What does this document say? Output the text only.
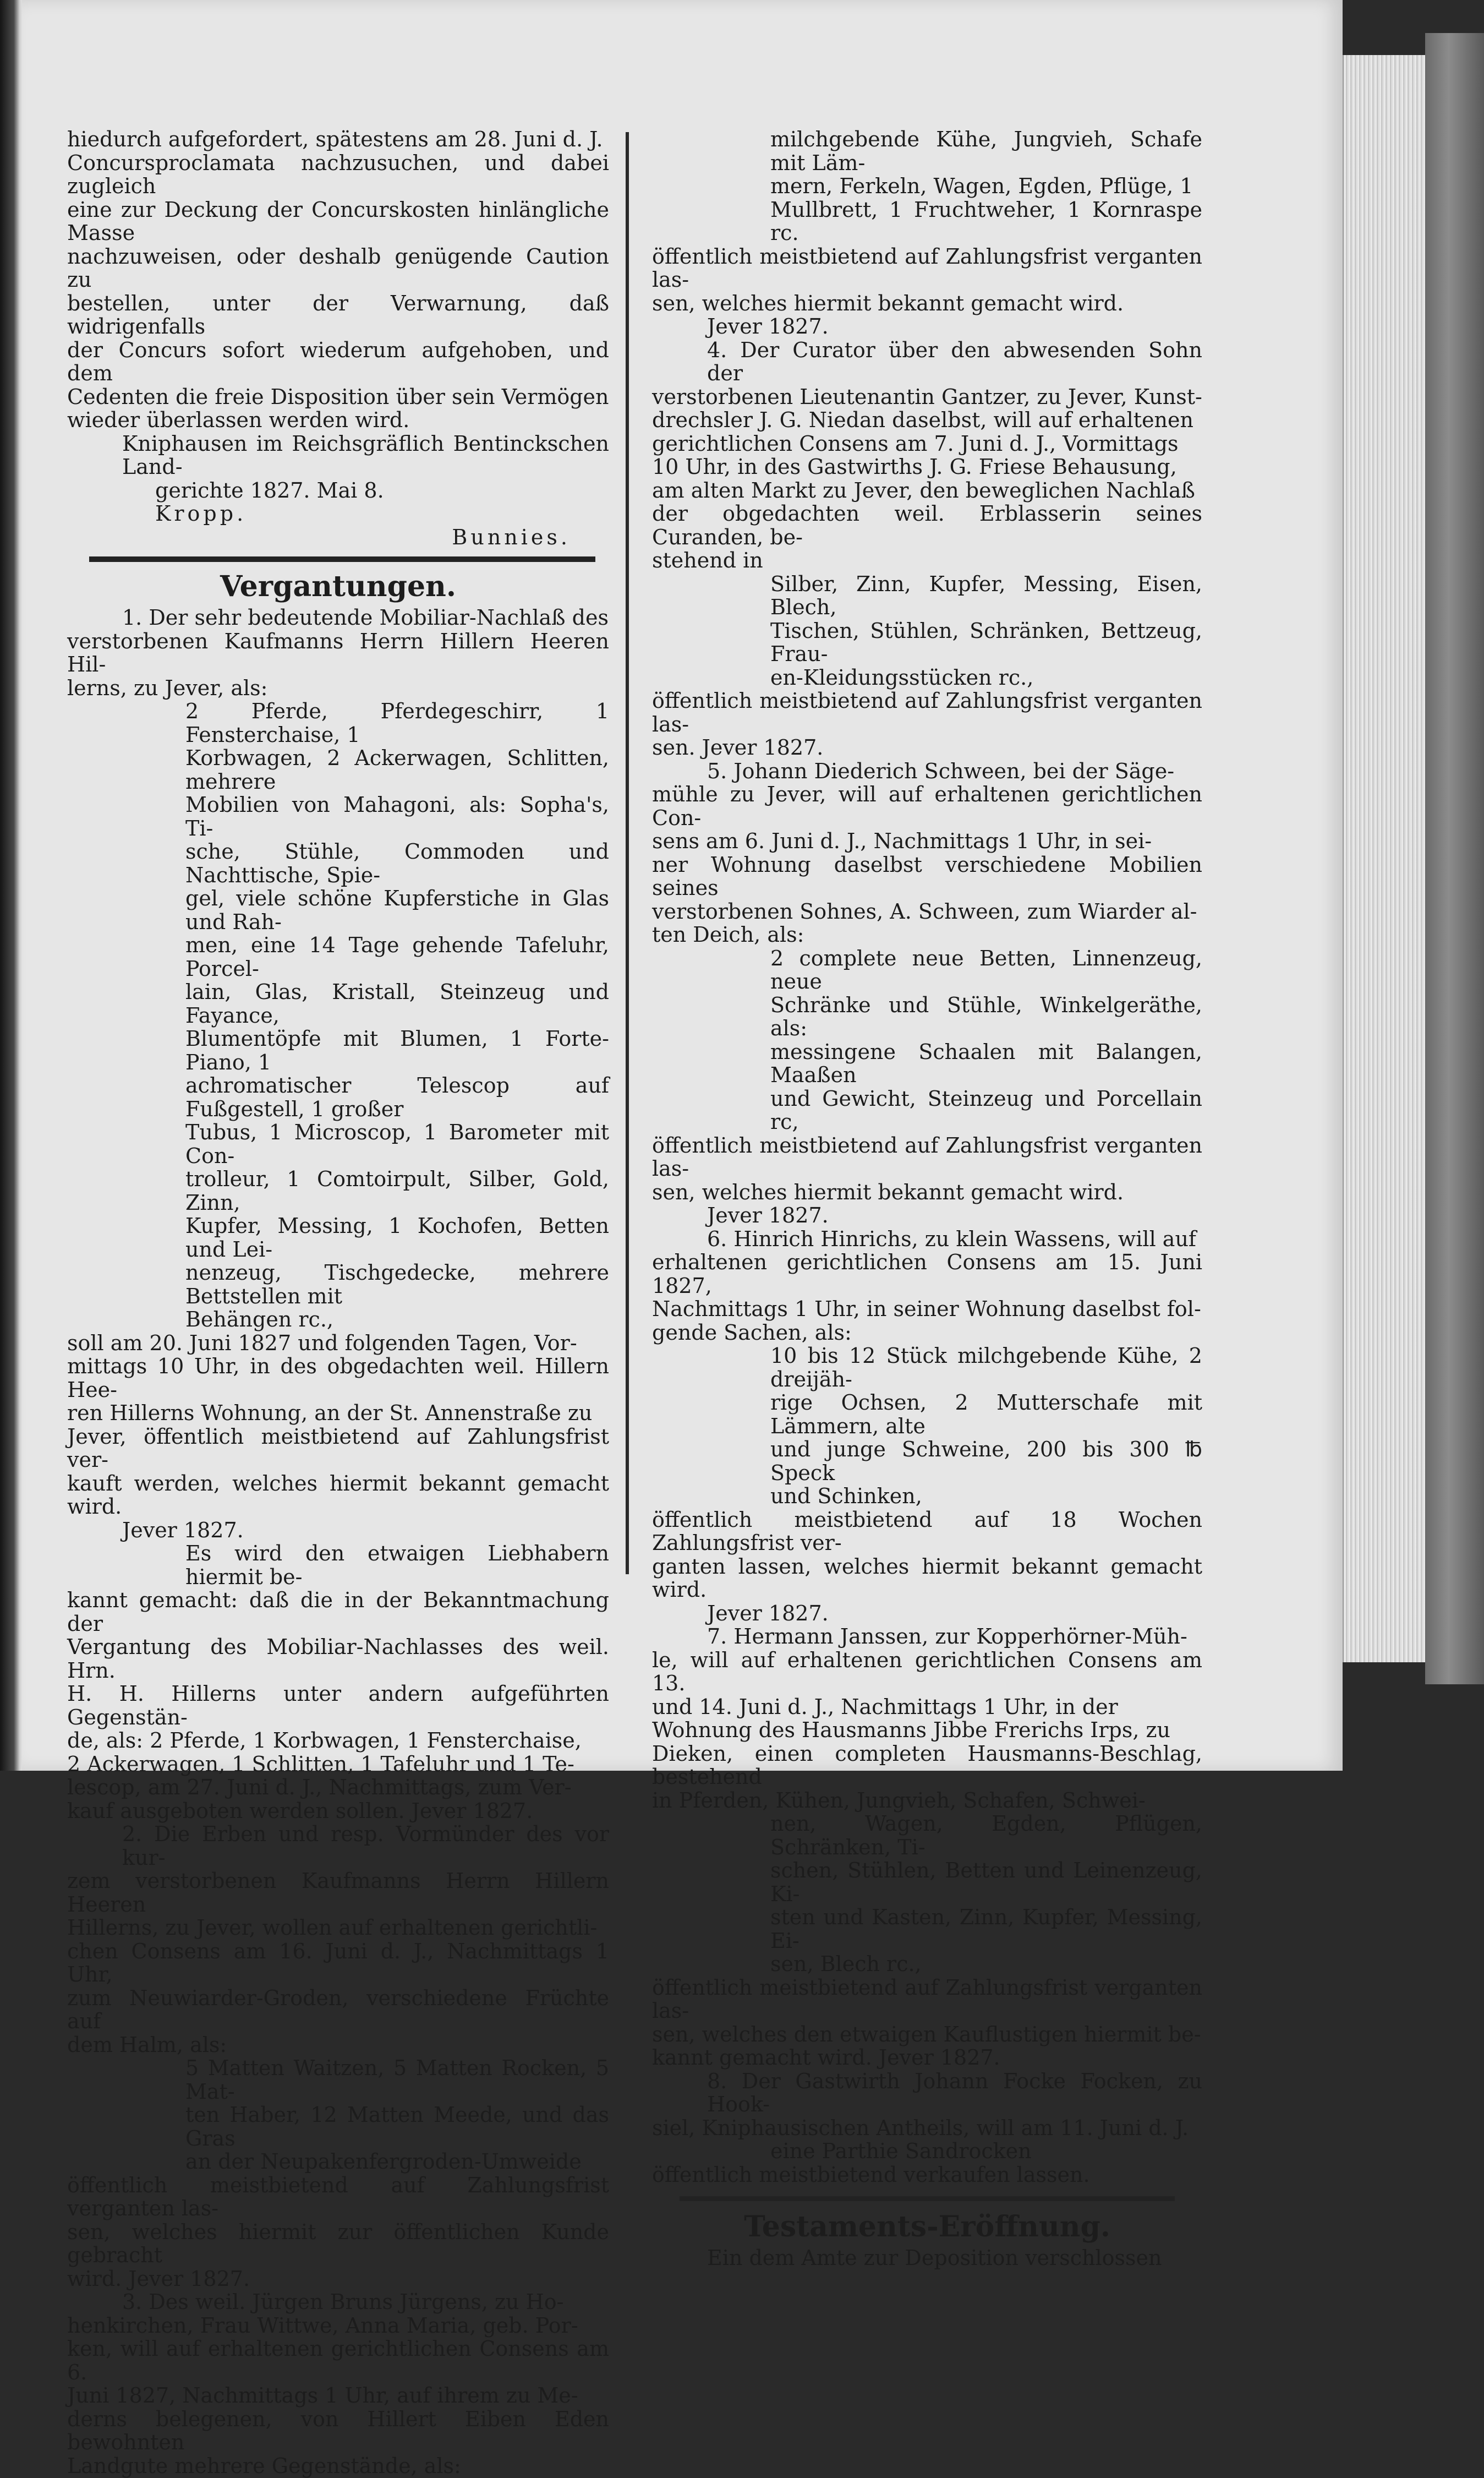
hiedurch aufgefordert, spätestens am 28. Juni d. J.

Concursproclamata nachzusuchen, und dabei zugleich

eine zur Deckung der Concurskosten hinlängliche Masse

nachzuweisen, oder deshalb genügende Caution zu

bestellen, unter der Verwarnung, daß widrigenfalls

der Concurs sofort wiederum aufgehoben, und dem

Cedenten die freie Disposition über sein Vermögen

wieder überlassen werden wird.

Kniphausen im Reichsgräflich Bentinckschen Land-

gerichte 1827. Mai 8.

Kropp.

Bunnies.

Vergantungen.

1. Der sehr bedeutende Mobiliar-Nachlaß des

verstorbenen Kaufmanns Herrn Hillern Heeren Hil-

lerns, zu Jever, als:

2 Pferde, Pferdegeschirr, 1 Fensterchaise, 1

Korbwagen, 2 Ackerwagen, Schlitten, mehrere

Mobilien von Mahagoni, als: Sopha's, Ti-

sche, Stühle, Commoden und Nachttische, Spie-

gel, viele schöne Kupferstiche in Glas und Rah-

men, eine 14 Tage gehende Tafeluhr, Porcel-

lain, Glas, Kristall, Steinzeug und Fayance,

Blumentöpfe mit Blumen, 1 Forte-Piano, 1

achromatischer Telescop auf Fußgestell, 1 großer

Tubus, 1 Microscop, 1 Barometer mit Con-

trolleur, 1 Comtoirpult, Silber, Gold, Zinn,

Kupfer, Messing, 1 Kochofen, Betten und Lei-

nenzeug, Tischgedecke, mehrere Bettstellen mit

Behängen rc.,

soll am 20. Juni 1827 und folgenden Tagen, Vor-

mittags 10 Uhr, in des obgedachten weil. Hillern Hee-

ren Hillerns Wohnung, an der St. Annenstraße zu

Jever, öffentlich meistbietend auf Zahlungsfrist ver-

kauft werden, welches hiermit bekannt gemacht wird.

Jever 1827.

Es wird den etwaigen Liebhabern hiermit be-

kannt gemacht: daß die in der Bekanntmachung der

Vergantung des Mobiliar-Nachlasses des weil. Hrn.

H. H. Hillerns unter andern aufgeführten Gegenstän-

de, als: 2 Pferde, 1 Korbwagen, 1 Fensterchaise,

2 Ackerwagen, 1 Schlitten, 1 Tafeluhr und 1 Te-

lescop, am 27. Juni d. J., Nachmittags, zum Ver-

kauf ausgeboten werden sollen. Jever 1827.

2. Die Erben und resp. Vormünder des vor kur-

zem verstorbenen Kaufmanns Herrn Hillern Heeren

Hillerns, zu Jever, wollen auf erhaltenen gerichtli-

chen Consens am 16. Juni d. J., Nachmittags 1 Uhr,

zum Neuwiarder-Groden, verschiedene Früchte auf

dem Halm, als:

5 Matten Waitzen, 5 Matten Rocken, 5 Mat-

ten Haber, 12 Matten Meede, und das Gras

an der Neupakenfergroden-Umweide

öffentlich meistbietend auf Zahlungsfrist verganten las-

sen, welches hiermit zur öffentlichen Kunde gebracht

wird. Jever 1827.

3. Des weil. Jürgen Bruns Jürgens, zu Ho-

henkirchen, Frau Wittwe, Anna Maria, geb. Por-

ken, will auf erhaltenen gerichtlichen Consens am 6.

Juni 1827, Nachmittags 1 Uhr, auf ihrem zu Me-

derns belegenen, von Hillert Eiben Eden bewohnten

Landgute mehrere Gegenstände, als:

milchgebende Kühe, Jungvieh, Schafe mit Läm-

mern, Ferkeln, Wagen, Egden, Pflüge, 1

Mullbrett, 1 Fruchtweher, 1 Kornraspe rc.

öffentlich meistbietend auf Zahlungsfrist verganten las-

sen, welches hiermit bekannt gemacht wird.

Jever 1827.

4. Der Curator über den abwesenden Sohn der

verstorbenen Lieutenantin Gantzer, zu Jever, Kunst-

drechsler J. G. Niedan daselbst, will auf erhaltenen

gerichtlichen Consens am 7. Juni d. J., Vormittags

10 Uhr, in des Gastwirths J. G. Friese Behausung,

am alten Markt zu Jever, den beweglichen Nachlaß

der obgedachten weil. Erblasserin seines Curanden, be-

stehend in

Silber, Zinn, Kupfer, Messing, Eisen, Blech,

Tischen, Stühlen, Schränken, Bettzeug, Frau-

en-Kleidungsstücken rc.,

öffentlich meistbietend auf Zahlungsfrist verganten las-

sen. Jever 1827.

5. Johann Diederich Schween, bei der Säge-

mühle zu Jever, will auf erhaltenen gerichtlichen Con-

sens am 6. Juni d. J., Nachmittags 1 Uhr, in sei-

ner Wohnung daselbst verschiedene Mobilien seines

verstorbenen Sohnes, A. Schween, zum Wiarder al-

ten Deich, als:

2 complete neue Betten, Linnenzeug, neue

Schränke und Stühle, Winkelgeräthe, als:

messingene Schaalen mit Balangen, Maaßen

und Gewicht, Steinzeug und Porcellain rc,

öffentlich meistbietend auf Zahlungsfrist verganten las-

sen, welches hiermit bekannt gemacht wird.

Jever 1827.

6. Hinrich Hinrichs, zu klein Wassens, will auf

erhaltenen gerichtlichen Consens am 15. Juni 1827,

Nachmittags 1 Uhr, in seiner Wohnung daselbst fol-

gende Sachen, als:

10 bis 12 Stück milchgebende Kühe, 2 dreijäh-

rige Ochsen, 2 Mutterschafe mit Lämmern, alte

und junge Schweine, 200 bis 300 ℔ Speck

und Schinken,

öffentlich meistbietend auf 18 Wochen Zahlungsfrist ver-

ganten lassen, welches hiermit bekannt gemacht wird.

Jever 1827.

7. Hermann Janssen, zur Kopperhörner-Müh-

le, will auf erhaltenen gerichtlichen Consens am 13.

und 14. Juni d. J., Nachmittags 1 Uhr, in der

Wohnung des Hausmanns Jibbe Frerichs Irps, zu

Dieken, einen completen Hausmanns-Beschlag, bestehend

in Pferden, Kühen, Jungvieh, Schafen, Schwei-

nen, Wagen, Egden, Pflügen, Schränken, Ti-

schen, Stühlen, Betten und Leinenzeug, Ki-

sten und Kasten, Zinn, Kupfer, Messing, Ei-

sen, Blech rc.,

öffentlich meistbietend auf Zahlungsfrist verganten las-

sen, welches den etwaigen Kauflustigen hiermit be-

kannt gemacht wird. Jever 1827.

8. Der Gastwirth Johann Focke Focken, zu Hook-

siel, Kniphausischen Antheils, will am 11. Juni d. J.

eine Parthie Sandrocken

öffentlich meistbietend verkaufen lassen.

Testaments-Eröffnung.

Ein dem Amte zur Deposition verschlossen
